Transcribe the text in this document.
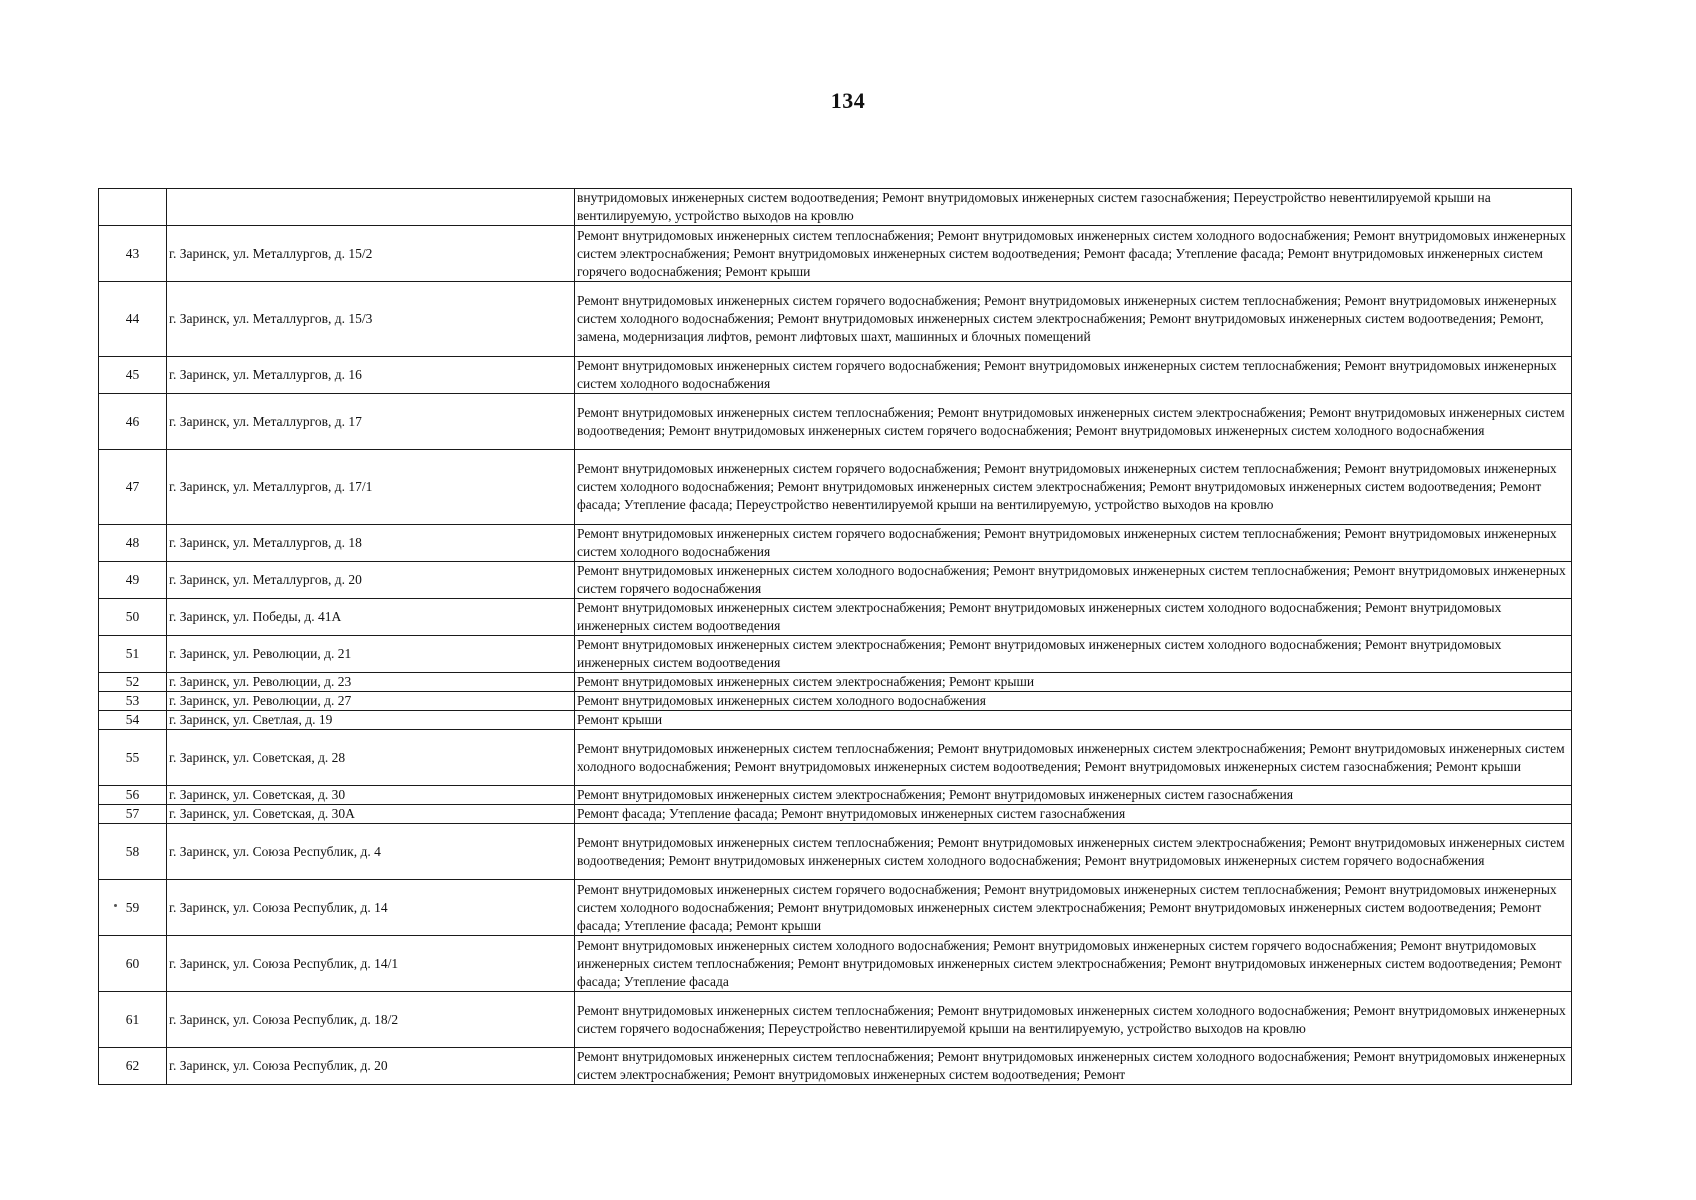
134
		внутридомовых инженерных систем водоотведения; Ремонт внутридомовых инженерных систем газоснабжения; Переустройство невентилируемой крыши на вентилируемую, устройство выходов на кровлю
43	г. Заринск, ул. Металлургов, д. 15/2	Ремонт внутридомовых инженерных систем теплоснабжения; Ремонт внутридомовых инженерных систем холодного водоснабжения; Ремонт внутридомовых инженерных систем электроснабжения; Ремонт внутридомовых инженерных систем водоотведения; Ремонт фасада; Утепление фасада; Ремонт внутридомовых инженерных систем горячего водоснабжения; Ремонт крыши
44	г. Заринск, ул. Металлургов, д. 15/3	Ремонт внутридомовых инженерных систем горячего водоснабжения; Ремонт внутридомовых инженерных систем теплоснабжения; Ремонт внутридомовых инженерных систем холодного водоснабжения; Ремонт внутридомовых инженерных систем электроснабжения; Ремонт внутридомовых инженерных систем водоотведения; Ремонт, замена, модернизация лифтов, ремонт лифтовых шахт, машинных и блочных помещений
45	г. Заринск, ул. Металлургов, д. 16	Ремонт внутридомовых инженерных систем горячего водоснабжения; Ремонт внутридомовых инженерных систем теплоснабжения; Ремонт внутридомовых инженерных систем холодного водоснабжения
46	г. Заринск, ул. Металлургов, д. 17	Ремонт внутридомовых инженерных систем теплоснабжения; Ремонт внутридомовых инженерных систем электроснабжения; Ремонт внутридомовых инженерных систем водоотведения; Ремонт внутридомовых инженерных систем горячего водоснабжения; Ремонт внутридомовых инженерных систем холодного водоснабжения
47	г. Заринск, ул. Металлургов, д. 17/1	Ремонт внутридомовых инженерных систем горячего водоснабжения; Ремонт внутридомовых инженерных систем теплоснабжения; Ремонт внутридомовых инженерных систем холодного водоснабжения; Ремонт внутридомовых инженерных систем электроснабжения; Ремонт внутридомовых инженерных систем водоотведения; Ремонт фасада; Утепление фасада; Переустройство невентилируемой крыши на вентилируемую, устройство выходов на кровлю
48	г. Заринск, ул. Металлургов, д. 18	Ремонт внутридомовых инженерных систем горячего водоснабжения; Ремонт внутридомовых инженерных систем теплоснабжения; Ремонт внутридомовых инженерных систем холодного водоснабжения
49	г. Заринск, ул. Металлургов, д. 20	Ремонт внутридомовых инженерных систем холодного водоснабжения; Ремонт внутридомовых инженерных систем теплоснабжения; Ремонт внутридомовых инженерных систем горячего водоснабжения
50	г. Заринск, ул. Победы, д. 41А	Ремонт внутридомовых инженерных систем электроснабжения; Ремонт внутридомовых инженерных систем холодного водоснабжения; Ремонт внутридомовых инженерных систем водоотведения
51	г. Заринск, ул. Революции, д. 21	Ремонт внутридомовых инженерных систем электроснабжения; Ремонт внутридомовых инженерных систем холодного водоснабжения; Ремонт внутридомовых инженерных систем водоотведения
52	г. Заринск, ул. Революции, д. 23	Ремонт внутридомовых инженерных систем электроснабжения; Ремонт крыши
53	г. Заринск, ул. Революции, д. 27	Ремонт внутридомовых инженерных систем холодного водоснабжения
54	г. Заринск, ул. Светлая, д. 19	Ремонт крыши
55	г. Заринск, ул. Советская, д. 28	Ремонт внутридомовых инженерных систем теплоснабжения; Ремонт внутридомовых инженерных систем электроснабжения; Ремонт внутридомовых инженерных систем холодного водоснабжения; Ремонт внутридомовых инженерных систем водоотведения; Ремонт внутридомовых инженерных систем газоснабжения; Ремонт крыши
56	г. Заринск, ул. Советская, д. 30	Ремонт внутридомовых инженерных систем электроснабжения; Ремонт внутридомовых инженерных систем газоснабжения
57	г. Заринск, ул. Советская, д. 30А	Ремонт фасада; Утепление фасада; Ремонт внутридомовых инженерных систем газоснабжения
58	г. Заринск, ул. Союза Республик, д. 4	Ремонт внутридомовых инженерных систем теплоснабжения; Ремонт внутридомовых инженерных систем электроснабжения; Ремонт внутридомовых инженерных систем водоотведения; Ремонт внутридомовых инженерных систем холодного водоснабжения; Ремонт внутридомовых инженерных систем горячего водоснабжения
59	г. Заринск, ул. Союза Республик, д. 14	Ремонт внутридомовых инженерных систем горячего водоснабжения; Ремонт внутридомовых инженерных систем теплоснабжения; Ремонт внутридомовых инженерных систем холодного водоснабжения; Ремонт внутридомовых инженерных систем электроснабжения; Ремонт внутридомовых инженерных систем водоотведения; Ремонт фасада; Утепление фасада; Ремонт крыши
60	г. Заринск, ул. Союза Республик, д. 14/1	Ремонт внутридомовых инженерных систем холодного водоснабжения; Ремонт внутридомовых инженерных систем горячего водоснабжения; Ремонт внутридомовых инженерных систем теплоснабжения; Ремонт внутридомовых инженерных систем электроснабжения; Ремонт внутридомовых инженерных систем водоотведения; Ремонт фасада; Утепление фасада
61	г. Заринск, ул. Союза Республик, д. 18/2	Ремонт внутридомовых инженерных систем теплоснабжения; Ремонт внутридомовых инженерных систем холодного водоснабжения; Ремонт внутридомовых инженерных систем горячего водоснабжения; Переустройство невентилируемой крыши на вентилируемую, устройство выходов на кровлю
62	г. Заринск, ул. Союза Республик, д. 20	Ремонт внутридомовых инженерных систем теплоснабжения; Ремонт внутридомовых инженерных систем холодного водоснабжения; Ремонт внутридомовых инженерных систем электроснабжения; Ремонт внутридомовых инженерных систем водоотведения; Ремонт
